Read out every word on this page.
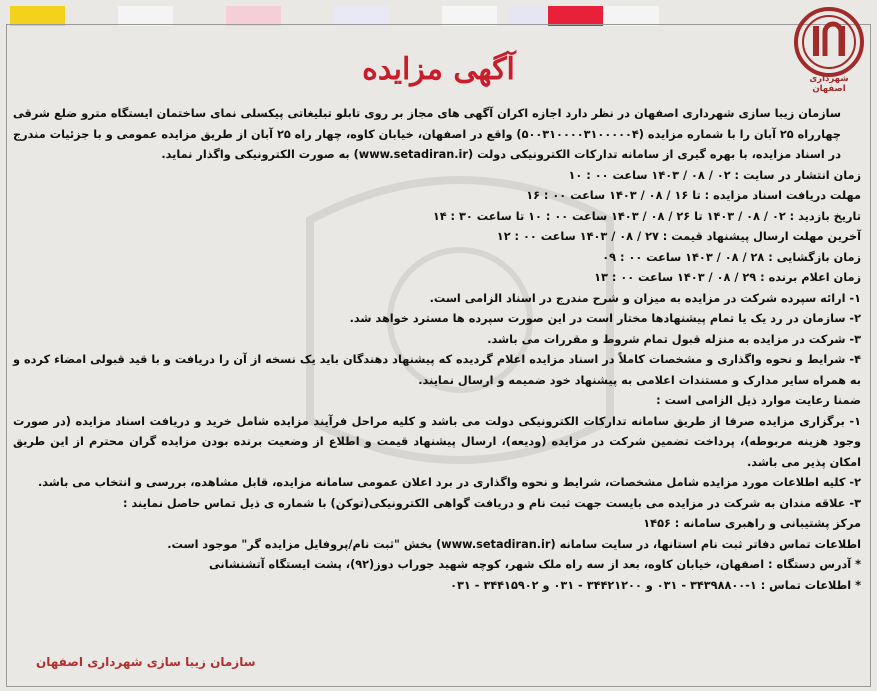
شهرداری اصفهان
آگهی مزایده

سازمان زیبا سازی شهرداری اصفهان در نظر دارد اجازه اکران آگهی های مجاز بر روی تابلو تبلیغاتی پیکسلی نمای ساختمان ایستگاه مترو ضلع شرقی چهارراه ۲۵ آبان را با شماره مزایده (۵۰۰۳۱۰۰۰۰۳۱۰۰۰۰۰۴) واقع در اصفهان، خیابان کاوه، چهار راه ۲۵ آبان از طریق مزایده عمومی و با جزئیات مندرج در اسناد مزایده، با بهره گیری از سامانه تدارکات الکترونیکی دولت (www.setadiran.ir) به صورت الکترونیکی واگذار نماید.

زمان انتشار در سایت : ۰۲ / ۰۸ / ۱۴۰۳ ساعت ۰۰ : ۱۰

مهلت دریافت اسناد مزایده : تا ۱۶ / ۰۸ / ۱۴۰۳ ساعت ۰۰ : ۱۶

تاریخ بازدید : ۰۲ / ۰۸ / ۱۴۰۳ تا ۲۶ / ۰۸ / ۱۴۰۳ ساعت ۰۰ : ۱۰ تا ساعت ۳۰ : ۱۴

آخرین مهلت ارسال پیشنهاد قیمت : ۲۷ / ۰۸ / ۱۴۰۳ ساعت ۰۰ : ۱۲

زمان بازگشایی : ۲۸ / ۰۸ / ۱۴۰۳ ساعت ۰۰ : ۰۹

زمان اعلام برنده : ۲۹ / ۰۸ / ۱۴۰۳ ساعت ۰۰ : ۱۳

۱- ارائه سپرده شرکت در مزایده به میزان و شرح مندرج در اسناد الزامی است.

۲- سازمان در رد یک یا تمام پیشنهادها مختار است در این صورت سپرده ها مسترد خواهد شد.

۳- شرکت در مزایده به منزله قبول تمام شروط و مقررات می باشد.

۴- شرایط و نحوه واگذاری و مشخصات کاملاً در اسناد مزایده اعلام گردیده که پیشنهاد دهندگان باید یک نسخه از آن را دریافت و با قید قبولی امضاء کرده و به همراه سایر مدارک و مستندات اعلامی به پیشنهاد خود ضمیمه و ارسال نمایند.

ضمنا رعایت موارد ذیل الزامی است :

۱- برگزاری مزایده صرفا از طریق سامانه تدارکات الکترونیکی دولت می باشد و کلیه مراحل فرآیند مزایده شامل خرید و دریافت اسناد مزایده (در صورت وجود هزینه مربوطه)، پرداخت تضمین شرکت در مزایده (ودیعه)، ارسال پیشنهاد قیمت و اطلاع از وضعیت برنده بودن مزایده گران محترم از این طریق امکان پذیر می باشد.

۲- کلیه اطلاعات مورد مزایده شامل مشخصات، شرایط و نحوه واگذاری در برد اعلان عمومی سامانه مزایده، قابل مشاهده، بررسی و انتخاب می باشد.

۳- علاقه مندان به شرکت در مزایده می بایست جهت ثبت نام و دریافت گواهی الکترونیکی(توکن) با شماره ی ذیل تماس حاصل نمایند :

مرکز پشتیبانی و راهبری سامانه : ۱۴۵۶

اطلاعات تماس دفاتر ثبت نام استانها، در سایت سامانه (www.setadiran.ir) بخش "ثبت نام/پروفایل مزایده گر" موجود است.

* آدرس دستگاه : اصفهان، خیابان کاوه، بعد از سه راه ملک شهر، کوچه شهید جوراب دوز(۹۲)، پشت ایستگاه آتشنشانی

* اطلاعات تماس : ۱-۳۴۳۹۸۸۰۰ - ۰۳۱ و ۳۴۴۲۱۲۰۰ - ۰۳۱ و ۳۴۴۱۵۹۰۲ - ۰۳۱

سازمان زیبا سازی شهرداری اصفهان
